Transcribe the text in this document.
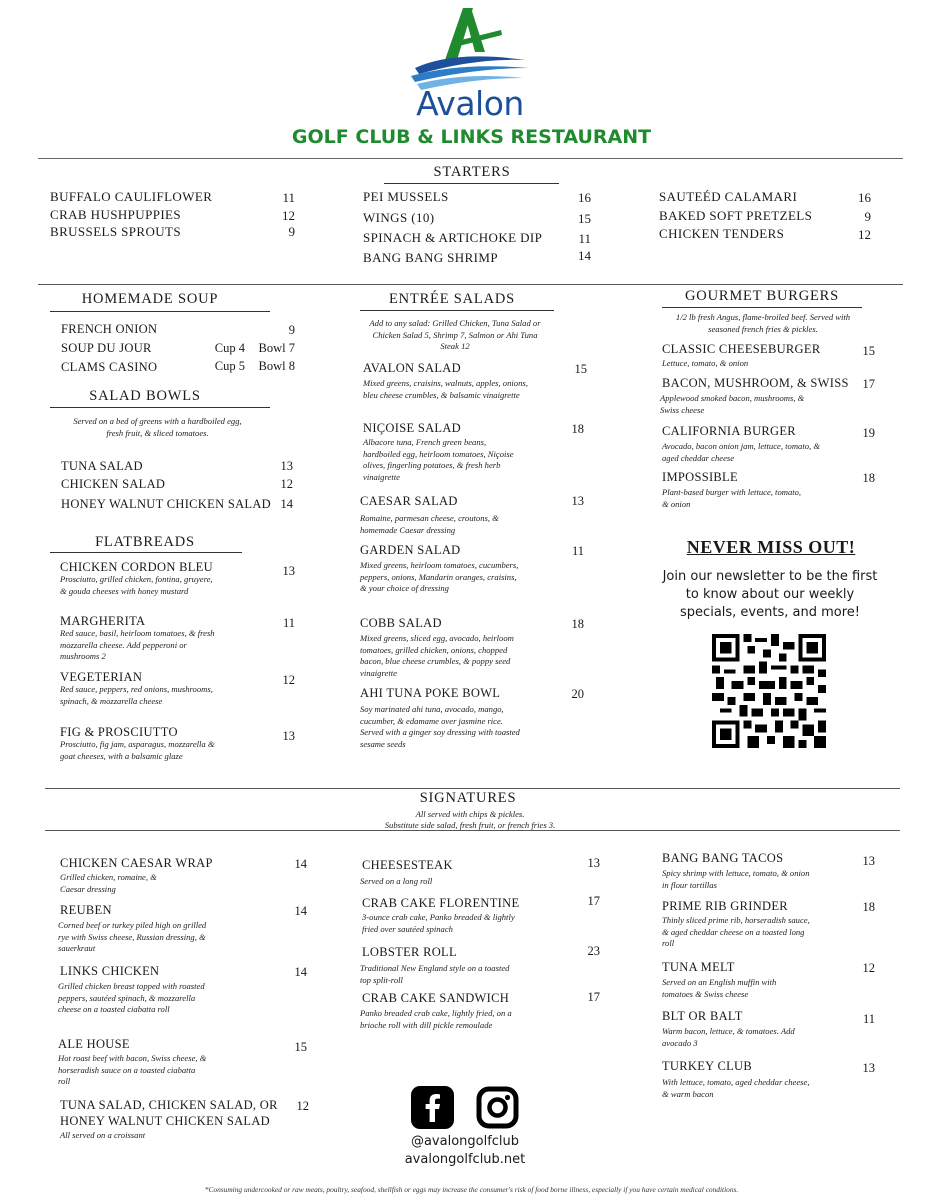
Avalon
GOLF CLUB & LINKS RESTAURANT
STARTERS
BUFFALO CAULIFLOWER	11
CRAB HUSHPUPPIES	12
BRUSSELS SPROUTS	9
PEI MUSSELS	16
WINGS (10)	15
SPINACH & ARTICHOKE DIP	11
BANG BANG SHRIMP	14
SAUTEÉD CALAMARI	16
BAKED SOFT PRETZELS	9
CHICKEN TENDERS	12
HOMEMADE SOUP
FRENCH ONION	9
SOUP DU JOUR	Cup 4	Bowl 7
CLAMS CASINO	Cup 5	Bowl 8
SALAD BOWLS
Served on a bed of greens with a hardboiled egg, fresh fruit, & sliced tomatoes.
TUNA SALAD	13
CHICKEN SALAD	12
HONEY WALNUT CHICKEN SALAD 14
FLATBREADS
CHICKEN CORDON BLEU	13
Prosciutto, grilled chicken, fontina, gruyere, & gouda cheeses with honey mustard
MARGHERITA	11
Red sauce, basil, heirloom tomatoes, & fresh mozzarella cheese. Add pepperoni or mushrooms 2
VEGETERIAN	12
Red sauce, peppers, red onions, mushrooms, spinach, & mozzarella cheese
FIG & PROSCIUTTO	13
Prosciutto, fig jam, asparagus, mozzarella & goat cheeses, with a balsamic glaze
ENTRÉE SALADS
Add to any salad: Grilled Chicken, Tuna Salad or Chicken Salad 5, Shrimp 7, Salmon or Ahi Tuna Steak 12
AVALON SALAD	15
Mixed greens, craisins, walnuts, apples, onions, bleu cheese crumbles, & balsamic vinaigrette
NIÇOISE SALAD	18
Albacore tuna, French green beans, hardboiled egg, heirloom tomatoes, Niçoise olives, fingerling potatoes, & fresh herb vinaigrette
CAESAR SALAD	13
Romaine, parmesan cheese, croutons, & homemade Caesar dressing
GARDEN SALAD	11
Mixed greens, heirloom tomatoes, cucumbers, peppers, onions, Mandarin oranges, craisins, & your choice of dressing
COBB SALAD	18
Mixed greens, sliced egg, avocado, heirloom tomatoes, grilled chicken, onions, chopped bacon, blue cheese crumbles, & poppy seed vinaigrette
AHI TUNA POKE BOWL	20
Soy marinated ahi tuna, avocado, mango, cucumber, & edamame over jasmine rice. Served with a ginger soy dressing with toasted sesame seeds
GOURMET BURGERS
1/2 lb fresh Angus, flame-broiled beef. Served with seasoned french fries & pickles.
CLASSIC CHEESEBURGER	15
Lettuce, tomato, & onion
BACON, MUSHROOM, & SWISS	17
Applewood smoked bacon, mushrooms, & Swiss cheese
CALIFORNIA BURGER	19
Avocado, bacon onion jam, lettuce, tomato, & aged cheddar cheese
IMPOSSIBLE	18
Plant-based burger with lettuce, tomato, & onion
NEVER MISS OUT!
Join our newsletter to be the first to know about our weekly specials, events, and more!
SIGNATURES
All served with chips & pickles.
Substitute side salad, fresh fruit, or french fries 3.
CHICKEN CAESAR WRAP	14
Grilled chicken, romaine, & Caesar dressing
REUBEN	14
Corned beef or turkey piled high on grilled rye with Swiss cheese, Russian dressing, & sauerkraut
LINKS CHICKEN	14
Grilled chicken breast topped with roasted peppers, sautéed spinach, & mozzarella cheese on a toasted ciabatta roll
ALE HOUSE	15
Hot roast beef with bacon, Swiss cheese, & horseradish sauce on a toasted ciabatta roll
TUNA SALAD, CHICKEN SALAD, OR
HONEY WALNUT CHICKEN SALAD
12
All served on a croissant
CHEESESTEAK	13
Served on a long roll
CRAB CAKE FLORENTINE	17
3-ounce crab cake, Panko breaded & lightly fried over sautéed spinach
LOBSTER ROLL	23
Traditional New England style on a toasted top split-roll
CRAB CAKE SANDWICH	17
Panko breaded crab cake, lightly fried, on a brioche roll with dill pickle remoulade
BANG BANG TACOS	13
Spicy shrimp with lettuce, tomato, & onion in flour tortillas
PRIME RIB GRINDER	18
Thinly sliced prime rib, horseradish sauce, & aged cheddar cheese on a toasted long roll
TUNA MELT	12
Served on an English muffin with tomatoes & Swiss cheese
BLT OR BALT	11
Warm bacon, lettuce, & tomatoes. Add avocado 3
TURKEY CLUB	13
With lettuce, tomato, aged cheddar cheese, & warm bacon
@avalongolfclub
avalongolfclub.net
*Consuming undercooked or raw meats, poultry, seafood, shellfish or eggs may increase the consumer's risk of food borne illness, especially if you have certain medical conditions.
